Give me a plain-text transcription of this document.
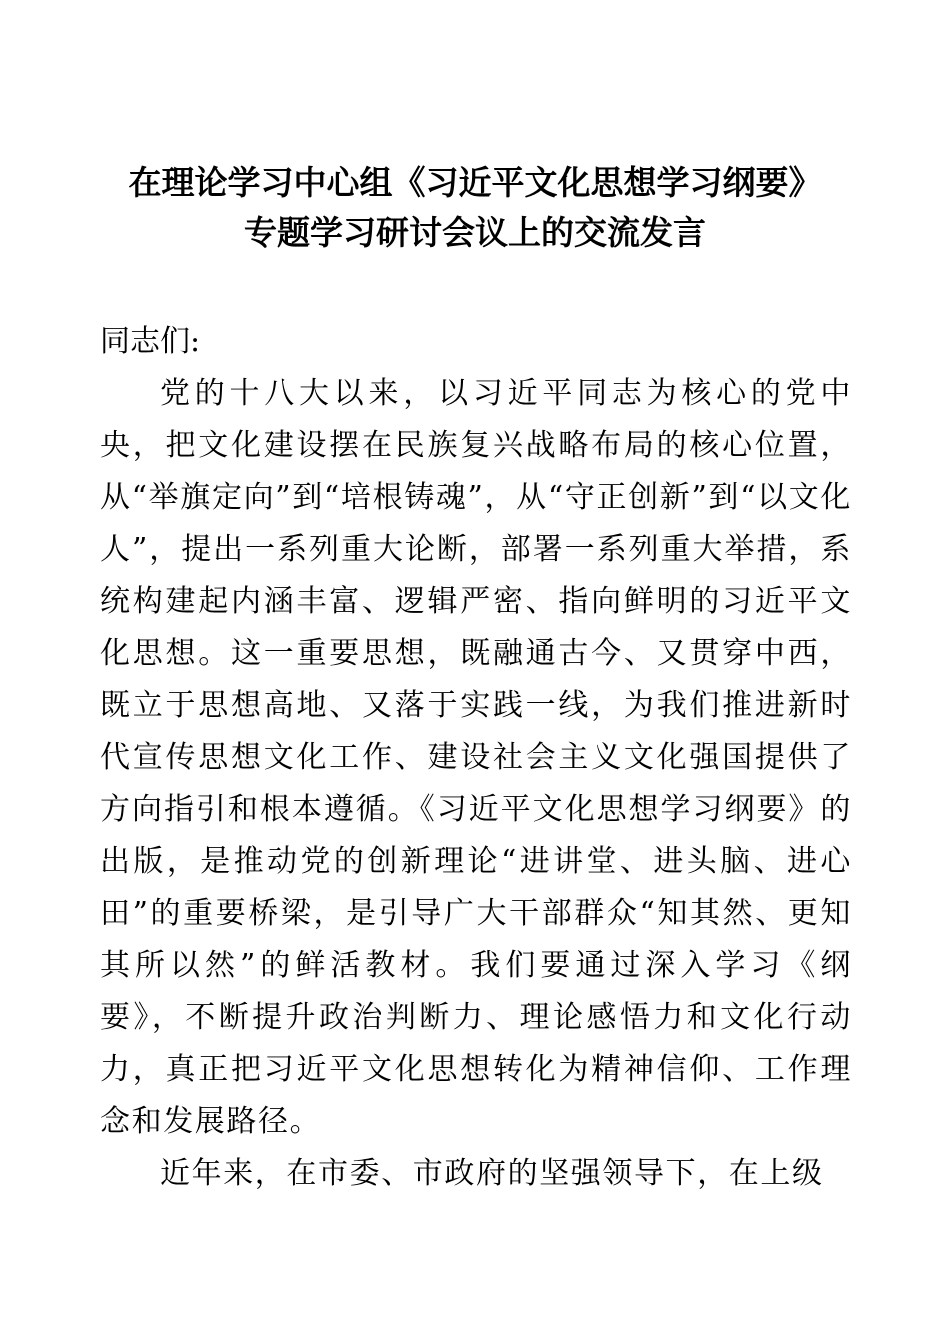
在理论学习中心组《习近平文化思想学习纲要》
专题学习研讨会议上的交流发言

同志们:

党的十八大以来，以习近平同志为核心的党中央，把文化建设摆在民族复兴战略布局的核心位置，从“举旗定向”到“培根铸魂”，从“守正创新”到“以文化人”，提出一系列重大论断，部署一系列重大举措，系统构建起内涵丰富、逻辑严密、指向鲜明的习近平文化思想。这一重要思想，既融通古今、又贯穿中西，既立于思想高地、又落于实践一线，为我们推进新时代宣传思想文化工作、建设社会主义文化强国提供了方向指引和根本遵循。《习近平文化思想学习纲要》的出版，是推动党的创新理论“进讲堂、进头脑、进心田”的重要桥梁，是引导广大干部群众“知其然、更知其所以然”的鲜活教材。我们要通过深入学习《纲要》，不断提升政治判断力、理论感悟力和文化行动力，真正把习近平文化思想转化为精神信仰、工作理念和发展路径。

近年来，在市委、市政府的坚强领导下，在上级
